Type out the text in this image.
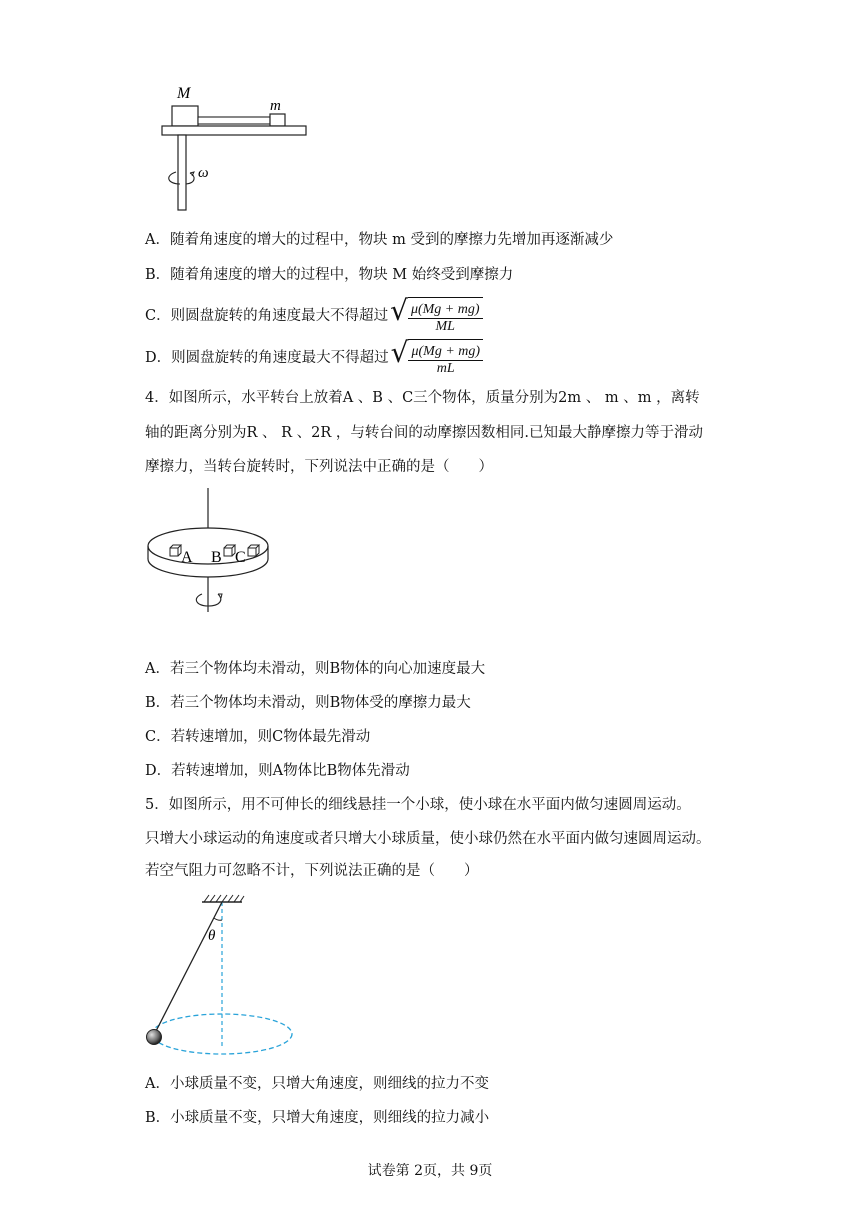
M
m
ω
A．随着角速度的增大的过程中，物块 m 受到的摩擦力先增加再逐渐减少
B．随着角速度的增大的过程中，物块 M 始终受到摩擦力
C．则圆盘旋转的角速度最大不得超过 √ $\frac{\mu(Mg + mg)}{ML}$
D．则圆盘旋转的角速度最大不得超过 √ $\frac{\mu(Mg + mg)}{mL}$
4．如图所示，水平转台上放着A 、B 、C三个物体，质量分别为2m 、 m 、m ，离转
轴的距离分别为R 、 R 、2R ，与转台间的动摩擦因数相同.已知最大静摩擦力等于滑动
摩擦力，当转台旋转时，下列说法中正确的是（　　）
A B C
A．若三个物体均未滑动，则B物体的向心加速度最大
B．若三个物体均未滑动，则B物体受的摩擦力最大
C．若转速增加，则C物体最先滑动
D．若转速增加，则A物体比B物体先滑动
5．如图所示，用不可伸长的细线悬挂一个小球，使小球在水平面内做匀速圆周运动。
只增大小球运动的角速度或者只增大小球质量，使小球仍然在水平面内做匀速圆周运动。
若空气阻力可忽略不计，下列说法正确的是（　　）
θ
A．小球质量不变，只增大角速度，则细线的拉力不变
B．小球质量不变，只增大角速度，则细线的拉力减小
试卷第 2页，共 9页
